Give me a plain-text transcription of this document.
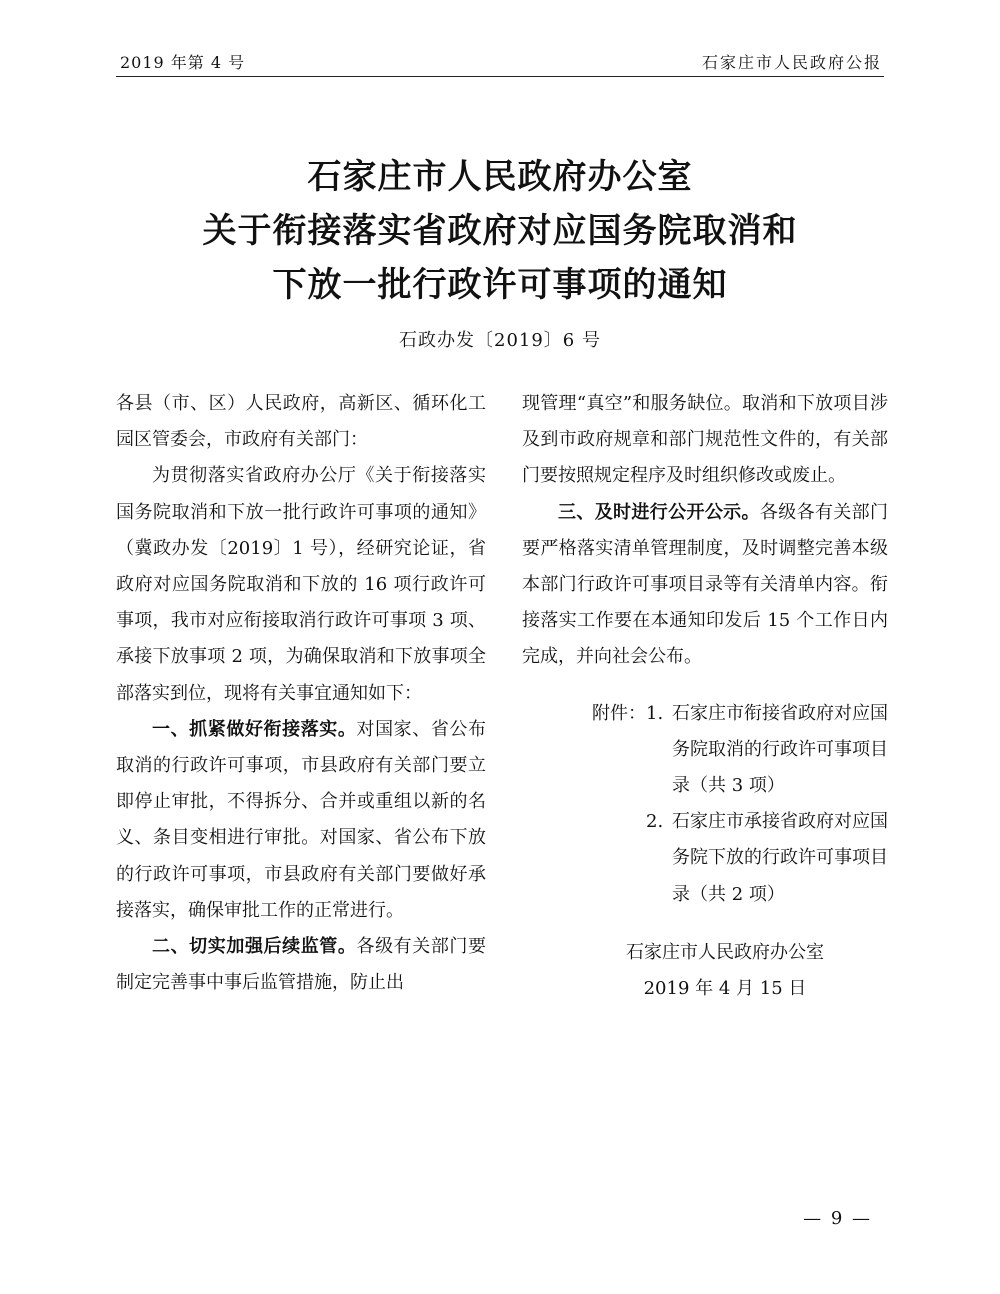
2019 年第 4 号	石家庄市人民政府公报
石家庄市人民政府办公室
关于衔接落实省政府对应国务院取消和
下放一批行政许可事项的通知
石政办发〔2019〕6 号

各县（市、区）人民政府，高新区、循环化工园区管委会，市政府有关部门：

为贯彻落实省政府办公厅《关于衔接落实国务院取消和下放一批行政许可事项的通知》（冀政办发〔2019〕1 号），经研究论证，省政府对应国务院取消和下放的 16 项行政许可事项，我市对应衔接取消行政许可事项 3 项、承接下放事项 2 项，为确保取消和下放事项全部落实到位，现将有关事宜通知如下：

一、抓紧做好衔接落实。对国家、省公布取消的行政许可事项，市县政府有关部门要立即停止审批，不得拆分、合并或重组以新的名义、条目变相进行审批。对国家、省公布下放的行政许可事项，市县政府有关部门要做好承接落实，确保审批工作的正常进行。

二、切实加强后续监管。各级有关部门要制定完善事中事后监管措施，防止出

现管理“真空”和服务缺位。取消和下放项目涉及到市政府规章和部门规范性文件的，有关部门要按照规定程序及时组织修改或废止。

三、及时进行公开公示。各级各有关部门要严格落实清单管理制度，及时调整完善本级本部门行政许可事项目录等有关清单内容。衔接落实工作要在本通知印发后 15 个工作日内完成，并向社会公布。

附件： 1. 石家庄市衔接省政府对应国务院取消的行政许可事项目录（共 3 项）
2. 石家庄市承接省政府对应国务院下放的行政许可事项目录（共 2 项）
石家庄市人民政府办公室
2019 年 4 月 15 日
— 9 —
